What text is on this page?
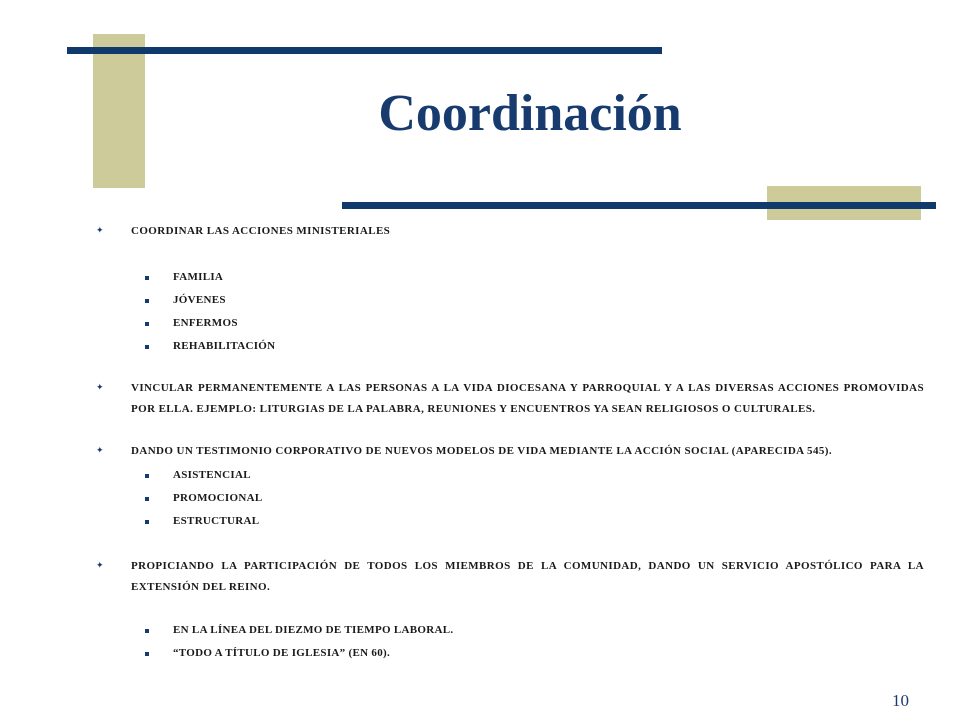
Coordinación
✦ COORDINAR LAS ACCIONES MINISTERIALES
FAMILIA
JÓVENES
ENFERMOS
REHABILITACIÓN
✦ VINCULAR PERMANENTEMENTE A LAS PERSONAS A LA VIDA DIOCESANA Y PARROQUIAL Y A LAS DIVERSAS ACCIONES PROMOVIDAS POR ELLA. EJEMPLO: LITURGIAS DE LA PALABRA, REUNIONES Y ENCUENTROS YA SEAN RELIGIOSOS O CULTURALES.
✦ DANDO UN TESTIMONIO CORPORATIVO DE NUEVOS MODELOS DE VIDA MEDIANTE LA ACCIÓN SOCIAL (APARECIDA 545).
ASISTENCIAL
PROMOCIONAL
ESTRUCTURAL
✦ PROPICIANDO LA PARTICIPACIÓN DE TODOS LOS MIEMBROS DE LA COMUNIDAD, DANDO UN SERVICIO APOSTÓLICO PARA LA EXTENSIÓN DEL REINO.
EN LA LÍNEA DEL DIEZMO DE TIEMPO LABORAL.
“TODO A TÍTULO DE IGLESIA” (EN 60).
10
